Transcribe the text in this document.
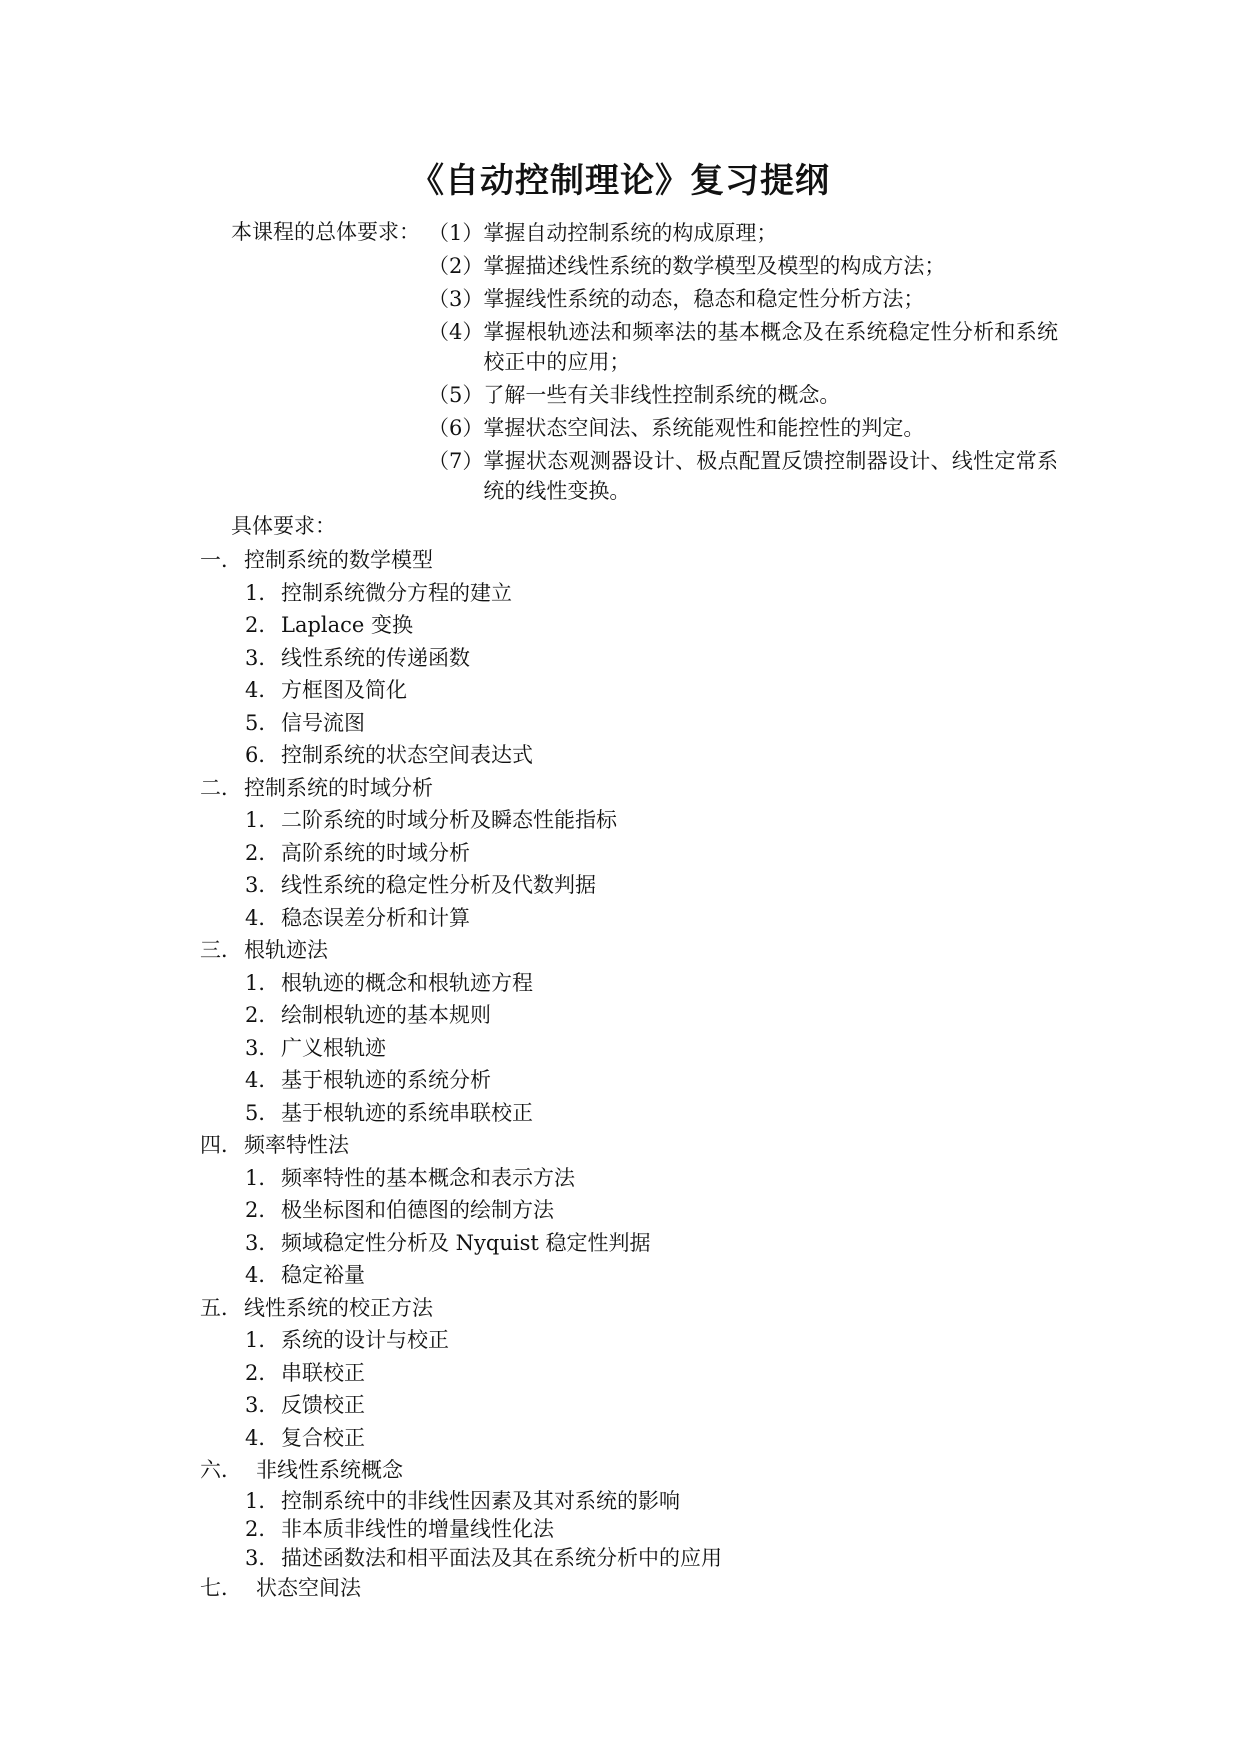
《自动控制理论》复习提纲
本课程的总体要求： （1） 掌握自动控制系统的构成原理；
（2） 掌握描述线性系统的数学模型及模型的构成方法；
（3） 掌握线性系统的动态，稳态和稳定性分析方法；
（4） 掌握根轨迹法和频率法的基本概念及在系统稳定性分析和系统校正中的应用；
（5） 了解一些有关非线性控制系统的概念。
（6） 掌握状态空间法、系统能观性和能控性的判定。
（7） 掌握状态观测器设计、极点配置反馈控制器设计、线性定常系统的线性变换。
具体要求：
一．控制系统的数学模型
1．控制系统微分方程的建立
2．Laplace 变换
3．线性系统的传递函数
4．方框图及简化
5．信号流图
6．控制系统的状态空间表达式
二．控制系统的时域分析
1．二阶系统的时域分析及瞬态性能指标
2．高阶系统的时域分析
3．线性系统的稳定性分析及代数判据
4．稳态误差分析和计算
三．根轨迹法
1．根轨迹的概念和根轨迹方程
2．绘制根轨迹的基本规则
3．广义根轨迹
4．基于根轨迹的系统分析
5．基于根轨迹的系统串联校正
四．频率特性法
1．频率特性的基本概念和表示方法
2．极坐标图和伯德图的绘制方法
3．频域稳定性分析及 Nyquist 稳定性判据
4．稳定裕量
五．线性系统的校正方法
1．系统的设计与校正
2．串联校正
3．反馈校正
4．复合校正
六． 非线性系统概念
1．控制系统中的非线性因素及其对系统的影响
2．非本质非线性的增量线性化法
3．描述函数法和相平面法及其在系统分析中的应用
七． 状态空间法
